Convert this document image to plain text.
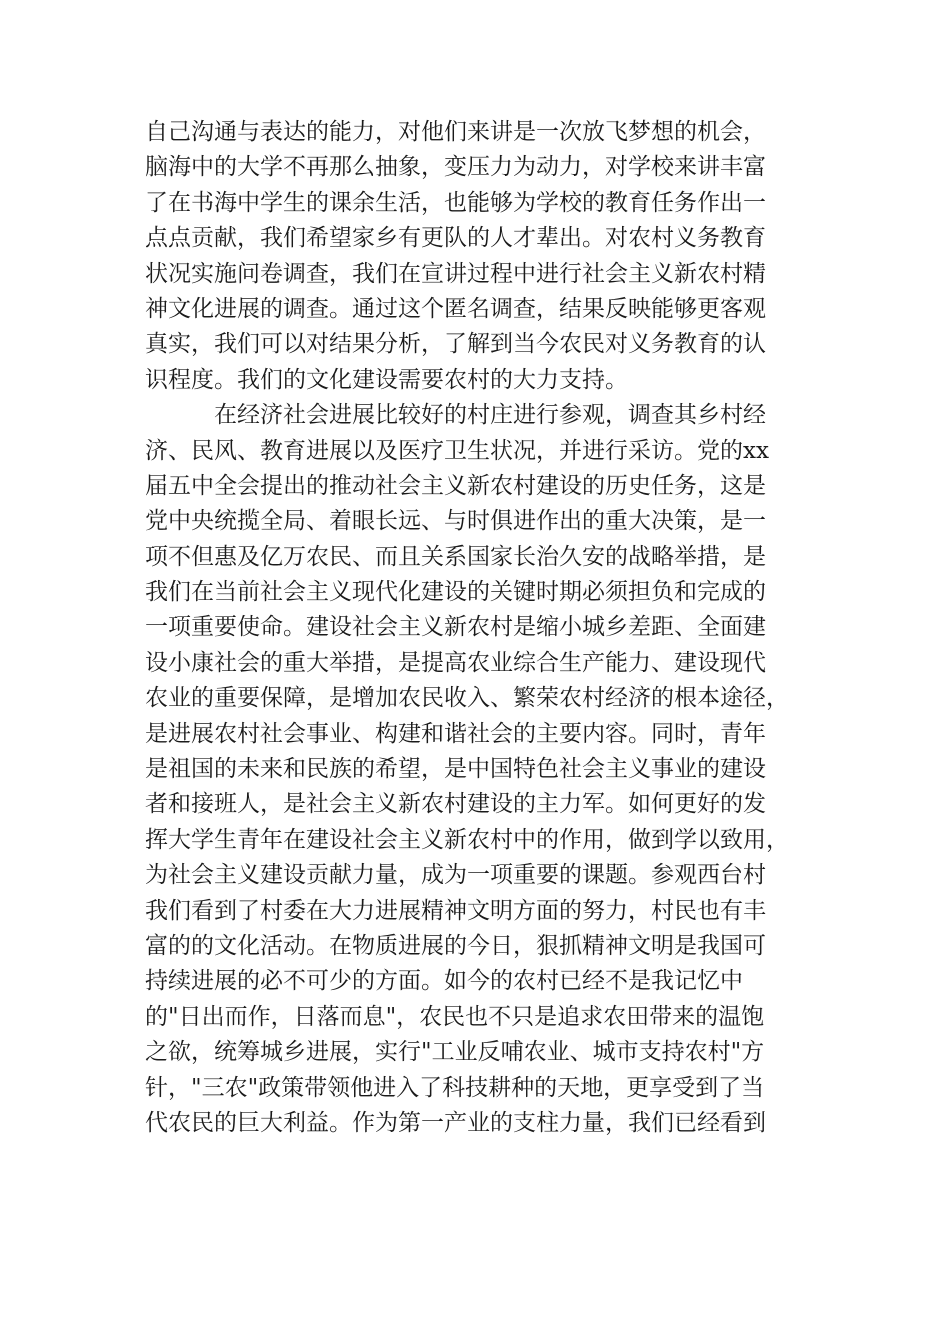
自己沟通与表达的能力，对他们来讲是一次放飞梦想的机会，
脑海中的大学不再那么抽象，变压力为动力，对学校来讲丰富
了在书海中学生的课余生活，也能够为学校的教育任务作出一
点点贡献，我们希望家乡有更队的人才辈出。对农村义务教育
状况实施问卷调查，我们在宣讲过程中进行社会主义新农村精
神文化进展的调查。通过这个匿名调查，结果反映能够更客观
真实，我们可以对结果分析，了解到当今农民对义务教育的认
识程度。我们的文化建设需要农村的大力支持。
在经济社会进展比较好的村庄进行参观，调查其乡村经
济、民风、教育进展以及医疗卫生状况，并进行采访。党的xx
届五中全会提出的推动社会主义新农村建设的历史任务，这是
党中央统揽全局、着眼长远、与时俱进作出的重大决策，是一
项不但惠及亿万农民、而且关系国家长治久安的战略举措，是
我们在当前社会主义现代化建设的关键时期必须担负和完成的
一项重要使命。建设社会主义新农村是缩小城乡差距、全面建
设小康社会的重大举措，是提高农业综合生产能力、建设现代
农业的重要保障，是增加农民收入、繁荣农村经济的根本途径，
是进展农村社会事业、构建和谐社会的主要内容。同时，青年
是祖国的未来和民族的希望，是中国特色社会主义事业的建设
者和接班人，是社会主义新农村建设的主力军。如何更好的发
挥大学生青年在建设社会主义新农村中的作用，做到学以致用，
为社会主义建设贡献力量，成为一项重要的课题。参观西台村
我们看到了村委在大力进展精神文明方面的努力，村民也有丰
富的的文化活动。在物质进展的今日，狠抓精神文明是我国可
持续进展的必不可少的方面。如今的农村已经不是我记忆中
的"日出而作，日落而息"，农民也不只是追求农田带来的温饱
之欲，统筹城乡进展，实行"工业反哺农业、城市支持农村"方
针，"三农"政策带领他进入了科技耕种的天地，更享受到了当
代农民的巨大利益。作为第一产业的支柱力量，我们已经看到
